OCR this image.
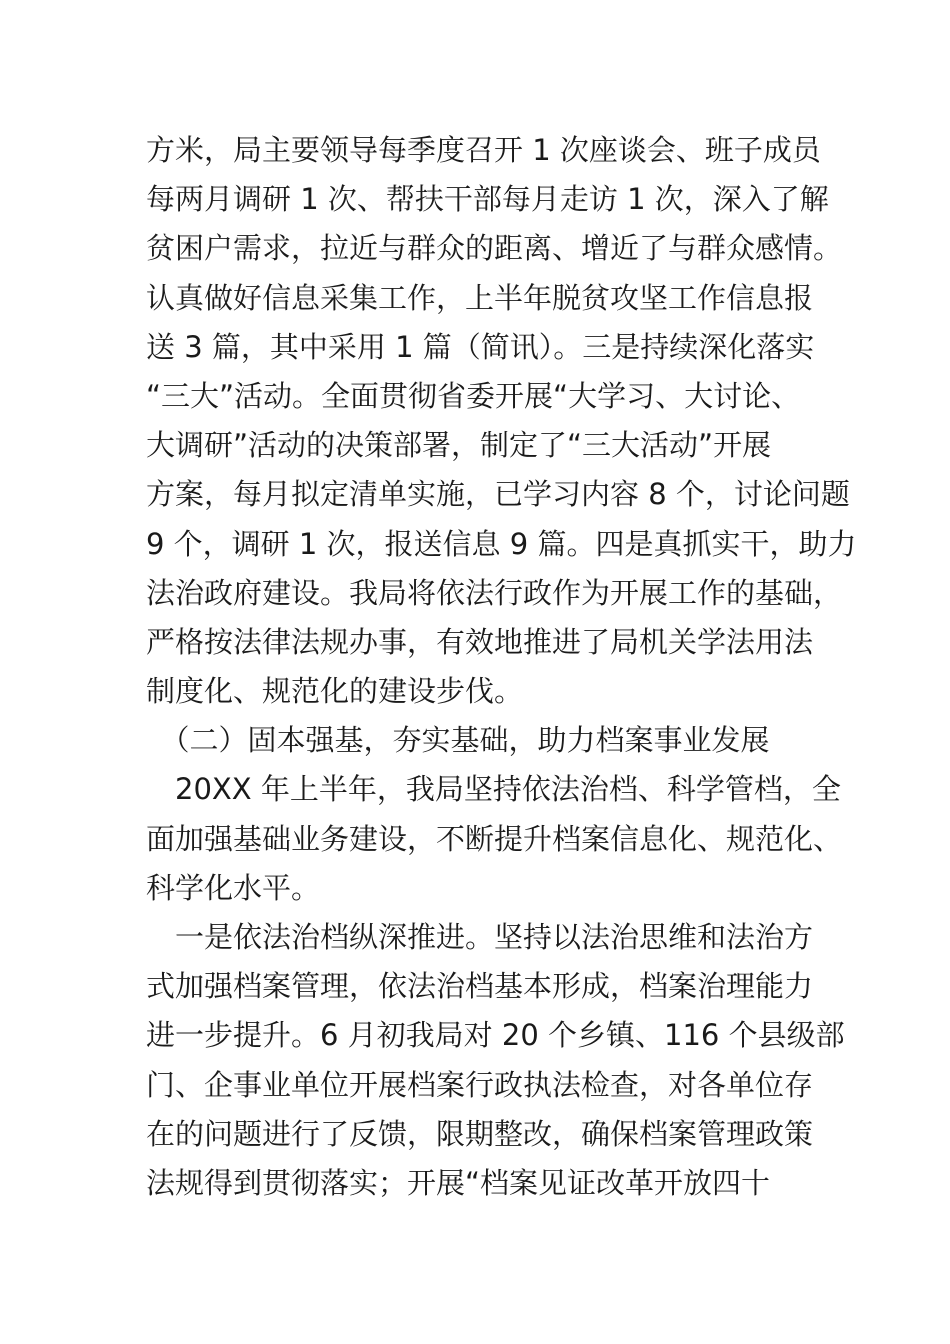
方米，局主要领导每季度召开 1 次座谈会、班子成员
每两月调研 1 次、帮扶干部每月走访 1 次，深入了解
贫困户需求，拉近与群众的距离、增近了与群众感情。
认真做好信息采集工作，上半年脱贫攻坚工作信息报
送 3 篇，其中采用 1 篇（简讯）。三是持续深化落实
“三大”活动。全面贯彻省委开展“大学习、大讨论、
大调研”活动的决策部署，制定了“三大活动”开展
方案，每月拟定清单实施，已学习内容 8 个，讨论问题
9 个，调研 1 次，报送信息 9 篇。四是真抓实干，助力
法治政府建设。我局将依法行政作为开展工作的基础，
严格按法律法规办事，有效地推进了局机关学法用法
制度化、规范化的建设步伐。
　（二）固本强基，夯实基础，助力档案事业发展
　20XX 年上半年，我局坚持依法治档、科学管档，全
面加强基础业务建设，不断提升档案信息化、规范化、
科学化水平。
　一是依法治档纵深推进。坚持以法治思维和法治方
式加强档案管理，依法治档基本形成，档案治理能力
进一步提升。6 月初我局对 20 个乡镇、116 个县级部
门、企事业单位开展档案行政执法检查，对各单位存
在的问题进行了反馈，限期整改，确保档案管理政策
法规得到贯彻落实；开展“档案见证改革开放四十
